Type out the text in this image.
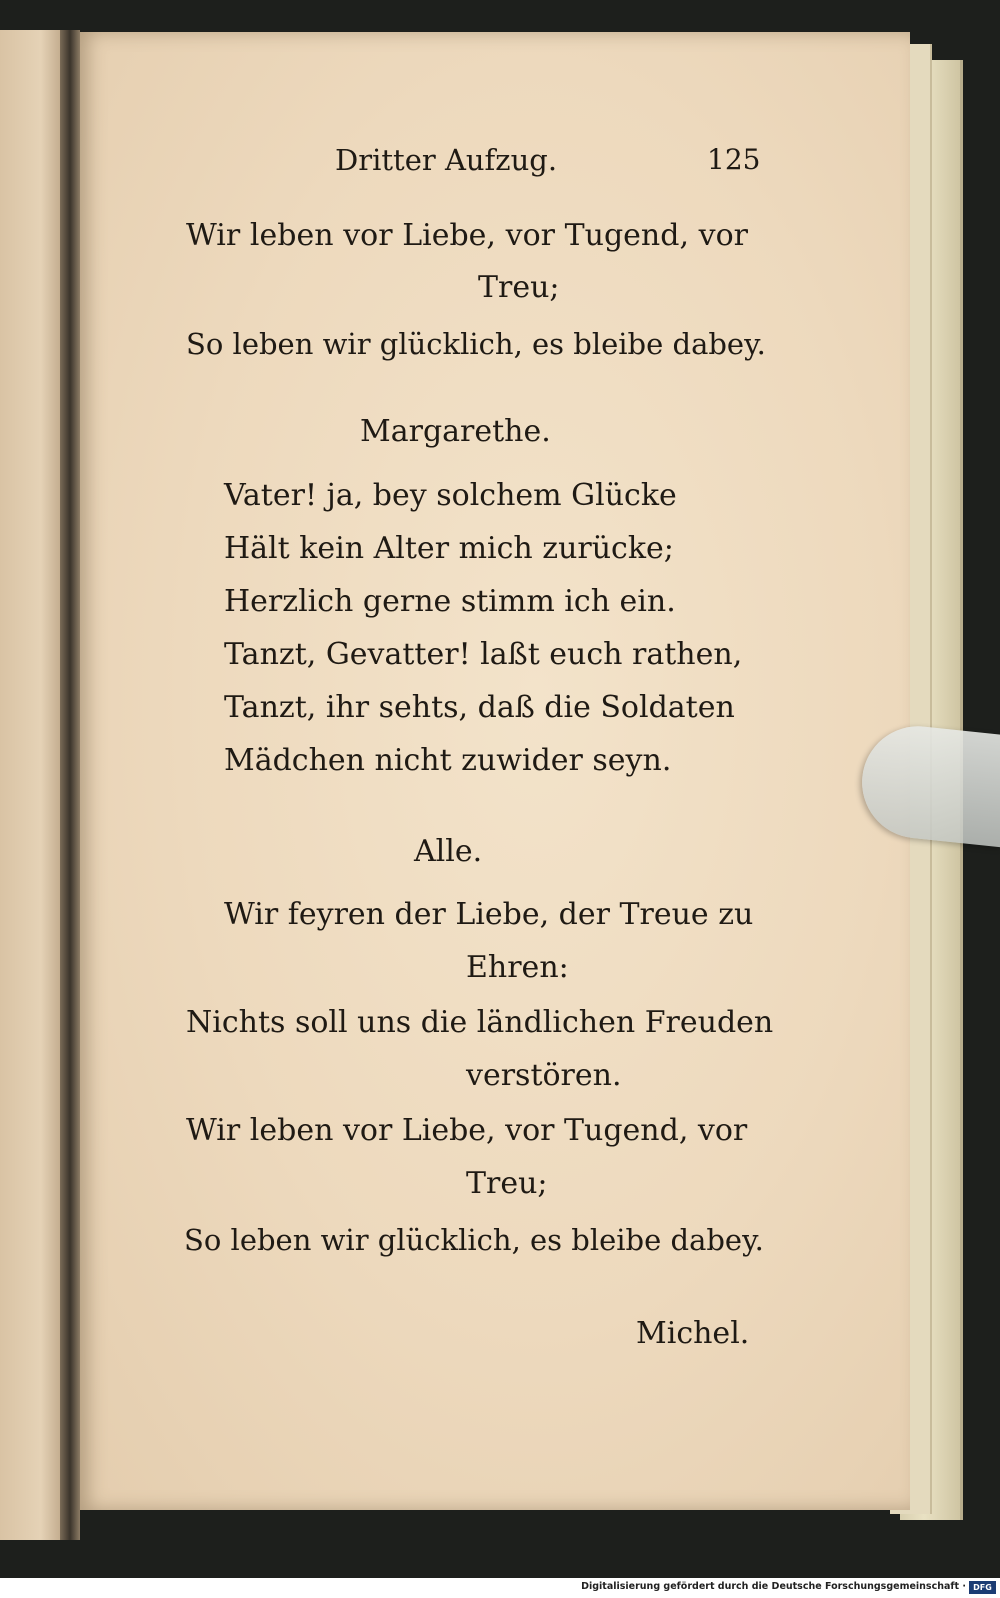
Dritter Aufzug.	125
Wir leben vor Liebe, vor Tugend, vor
Treu;
So leben wir glücklich, es bleibe dabey.
Margarethe.
Vater! ja, bey solchem Glücke
Hält kein Alter mich zurücke;
Herzlich gerne stimm ich ein.
Tanzt, Gevatter! laßt euch rathen,
Tanzt, ihr sehts, daß die Soldaten
Mädchen nicht zuwider seyn.
Alle.
Wir feyren der Liebe, der Treue zu
Ehren:
Nichts soll uns die ländlichen Freuden
verstören.
Wir leben vor Liebe, vor Tugend, vor
Treu;
So leben wir glücklich, es bleibe dabey.
Michel.
Digitalisierung gefördert durch die Deutsche Forschungsgemeinschaft · DFG
